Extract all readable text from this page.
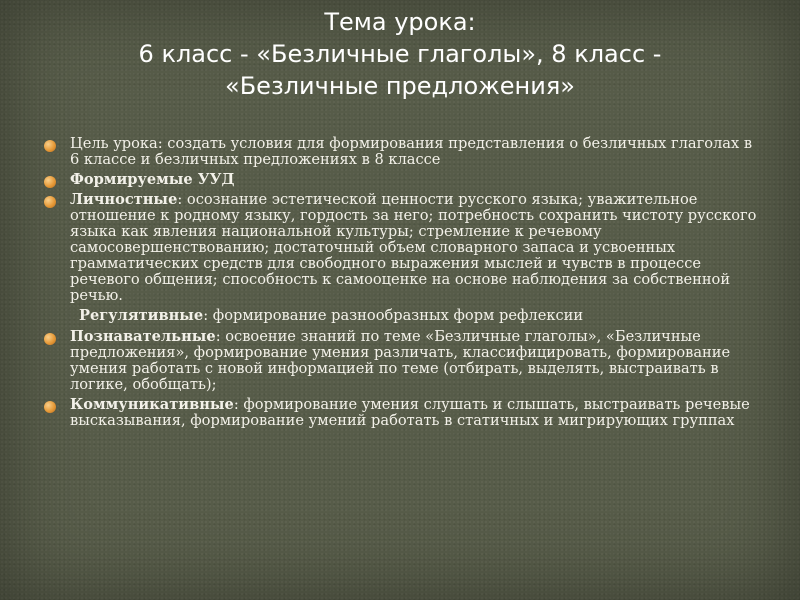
Тема урока:
6 класс - «Безличные глаголы», 8 класс -
«Безличные предложения»
Цель урока: создать условия для формирования представления о безличных глаголах в 6 классе и безличных предложениях в 8 классе
Формируемые УУД
Личностные: осознание эстетической ценности русского языка; уважительное отношение к родному языку, гордость за него; потребность сохранить чистоту русского языка как явления национальной культуры; стремление к речевому самосовершенствованию; достаточный объем словарного запаса и усвоенных грамматических средств для свободного выражения мыслей и чувств в процессе речевого общения; способность к самооценке на основе наблюдения за собственной речью.
Регулятивные: формирование разнообразных форм рефлексии
Познавательные: освоение знаний по теме «Безличные глаголы», «Безличные предложения», формирование умения различать, классифицировать, формирование умения работать с новой информацией по теме (отбирать, выделять, выстраивать в логике, обобщать);
Коммуникативные: формирование умения слушать и слышать, выстраивать речевые высказывания, формирование умений работать в статичных и мигрирующих группах
